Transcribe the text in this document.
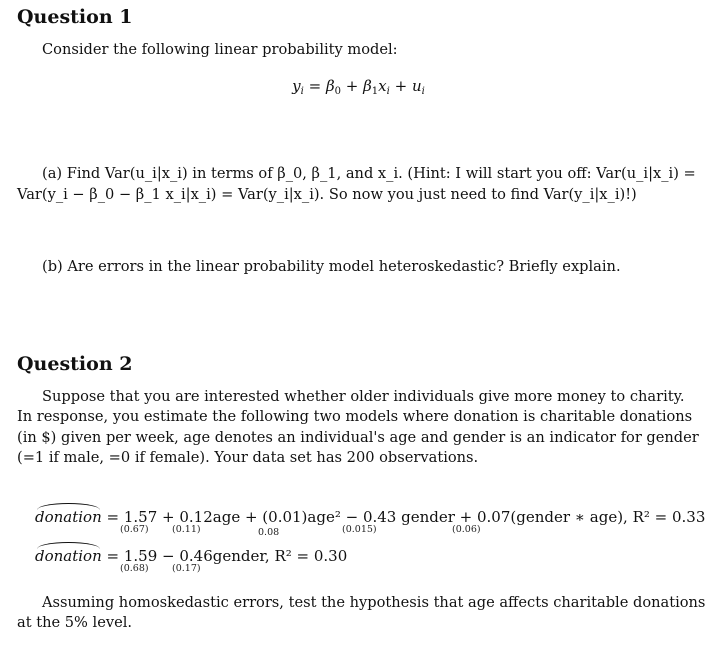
Question 1
Consider the following linear probability model:
$y_i = \beta_0 + \beta_1x_i + u_i$
(a) Find Var(u_i|x_i) in terms of β_0, β_1, and x_i. (Hint: I will start you off: Var(u_i|x_i) =
Var(y_i − β_0 − β_1 x_i|x_i) = Var(y_i|x_i). So now you just need to find Var(y_i|x_i)!)
(b) Are errors in the linear probability model heteroskedastic? Briefly explain.
Question 2
Suppose that you are interested whether older individuals give more money to charity.
In response, you estimate the following two models where donation is charitable donations
(in $) given per week, age denotes an individual's age and gender is an indicator for gender
(=1 if male, =0 if female). Your data set has 200 observations.
donation = 1.57 + 0.12age + (0.01)age² − 0.43 gender + 0.07(gender ∗ age), R² = 0.33
(0.67) (0.11)	0.08	(0.015)	(0.06)
donation = 1.59 − 0.46gender, R² = 0.30
(0.68) (0.17)
Assuming homoskedastic errors, test the hypothesis that age affects charitable donations
at the 5% level.
